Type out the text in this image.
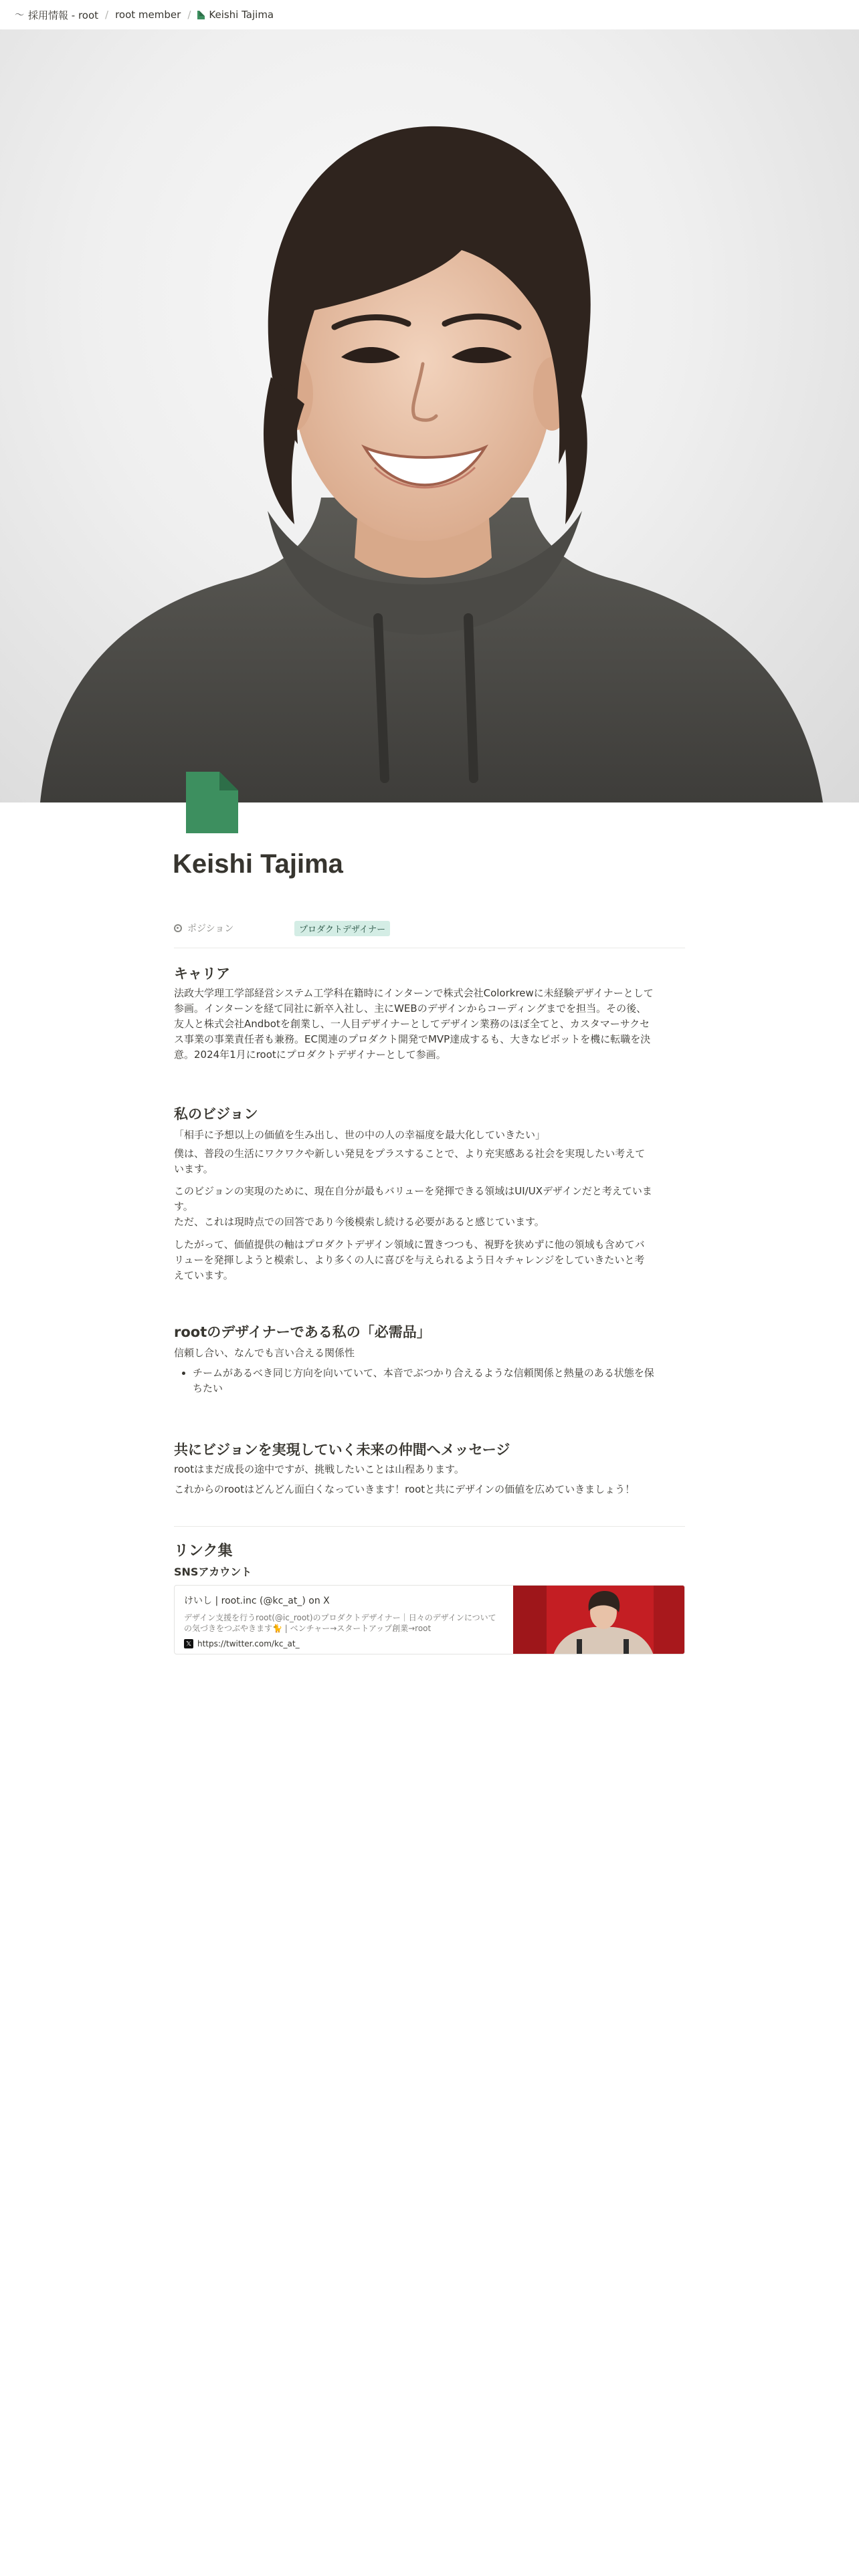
〜 採用情報 - root / root member / Keishi Tajima
Keishi Tajima
ポジション	プロダクトデザイナー
キャリア
法政大学理工学部経営システム工学科在籍時にインターンで株式会社Colorkrewに未経験デザイナーとして
参画。インターンを経て同社に新卒入社し、主にWEBのデザインからコーディングまでを担当。その後、
友人と株式会社Andbotを創業し、一人目デザイナーとしてデザイン業務のほぼ全てと、カスタマーサクセ
ス事業の事業責任者も兼務。EC関連のプロダクト開発でMVP達成するも、大きなピボットを機に転職を決
意。2024年1月にrootにプロダクトデザイナーとして参画。
私のビジョン
「相手に予想以上の価値を生み出し、世の中の人の幸福度を最大化していきたい」
僕は、普段の生活にワクワクや新しい発見をプラスすることで、より充実感ある社会を実現したい考えて
います。
このビジョンの実現のために、現在自分が最もバリューを発揮できる領域はUI/UXデザインだと考えていま
す。
ただ、これは現時点での回答であり今後模索し続ける必要があると感じています。
したがって、価値提供の軸はプロダクトデザイン領域に置きつつも、視野を狭めずに他の領域も含めてバ
リューを発揮しようと模索し、より多くの人に喜びを与えられるよう日々チャレンジをしていきたいと考
えています。
rootのデザイナーである私の「必需品」
信頼し合い、なんでも言い合える関係性
• チームがあるべき同じ方向を向いていて、本音でぶつかり合えるような信頼関係と熱量のある状態を保
ちたい
共にビジョンを実現していく未来の仲間へメッセージ
rootはまだ成長の途中ですが、挑戦したいことは山程あります。
これからのrootはどんどん面白くなっていきます！rootと共にデザインの価値を広めていきましょう！
リンク集
SNSアカウント
けいし | root.inc (@kc_at_) on X
デザイン支援を行うroot(@ic_root)のプロダクトデザイナー｜日々のデザインについての気づきをつぶやきます🐈 | ベンチャー→スタートアップ創業→root
𝕏 https://twitter.com/kc_at_
